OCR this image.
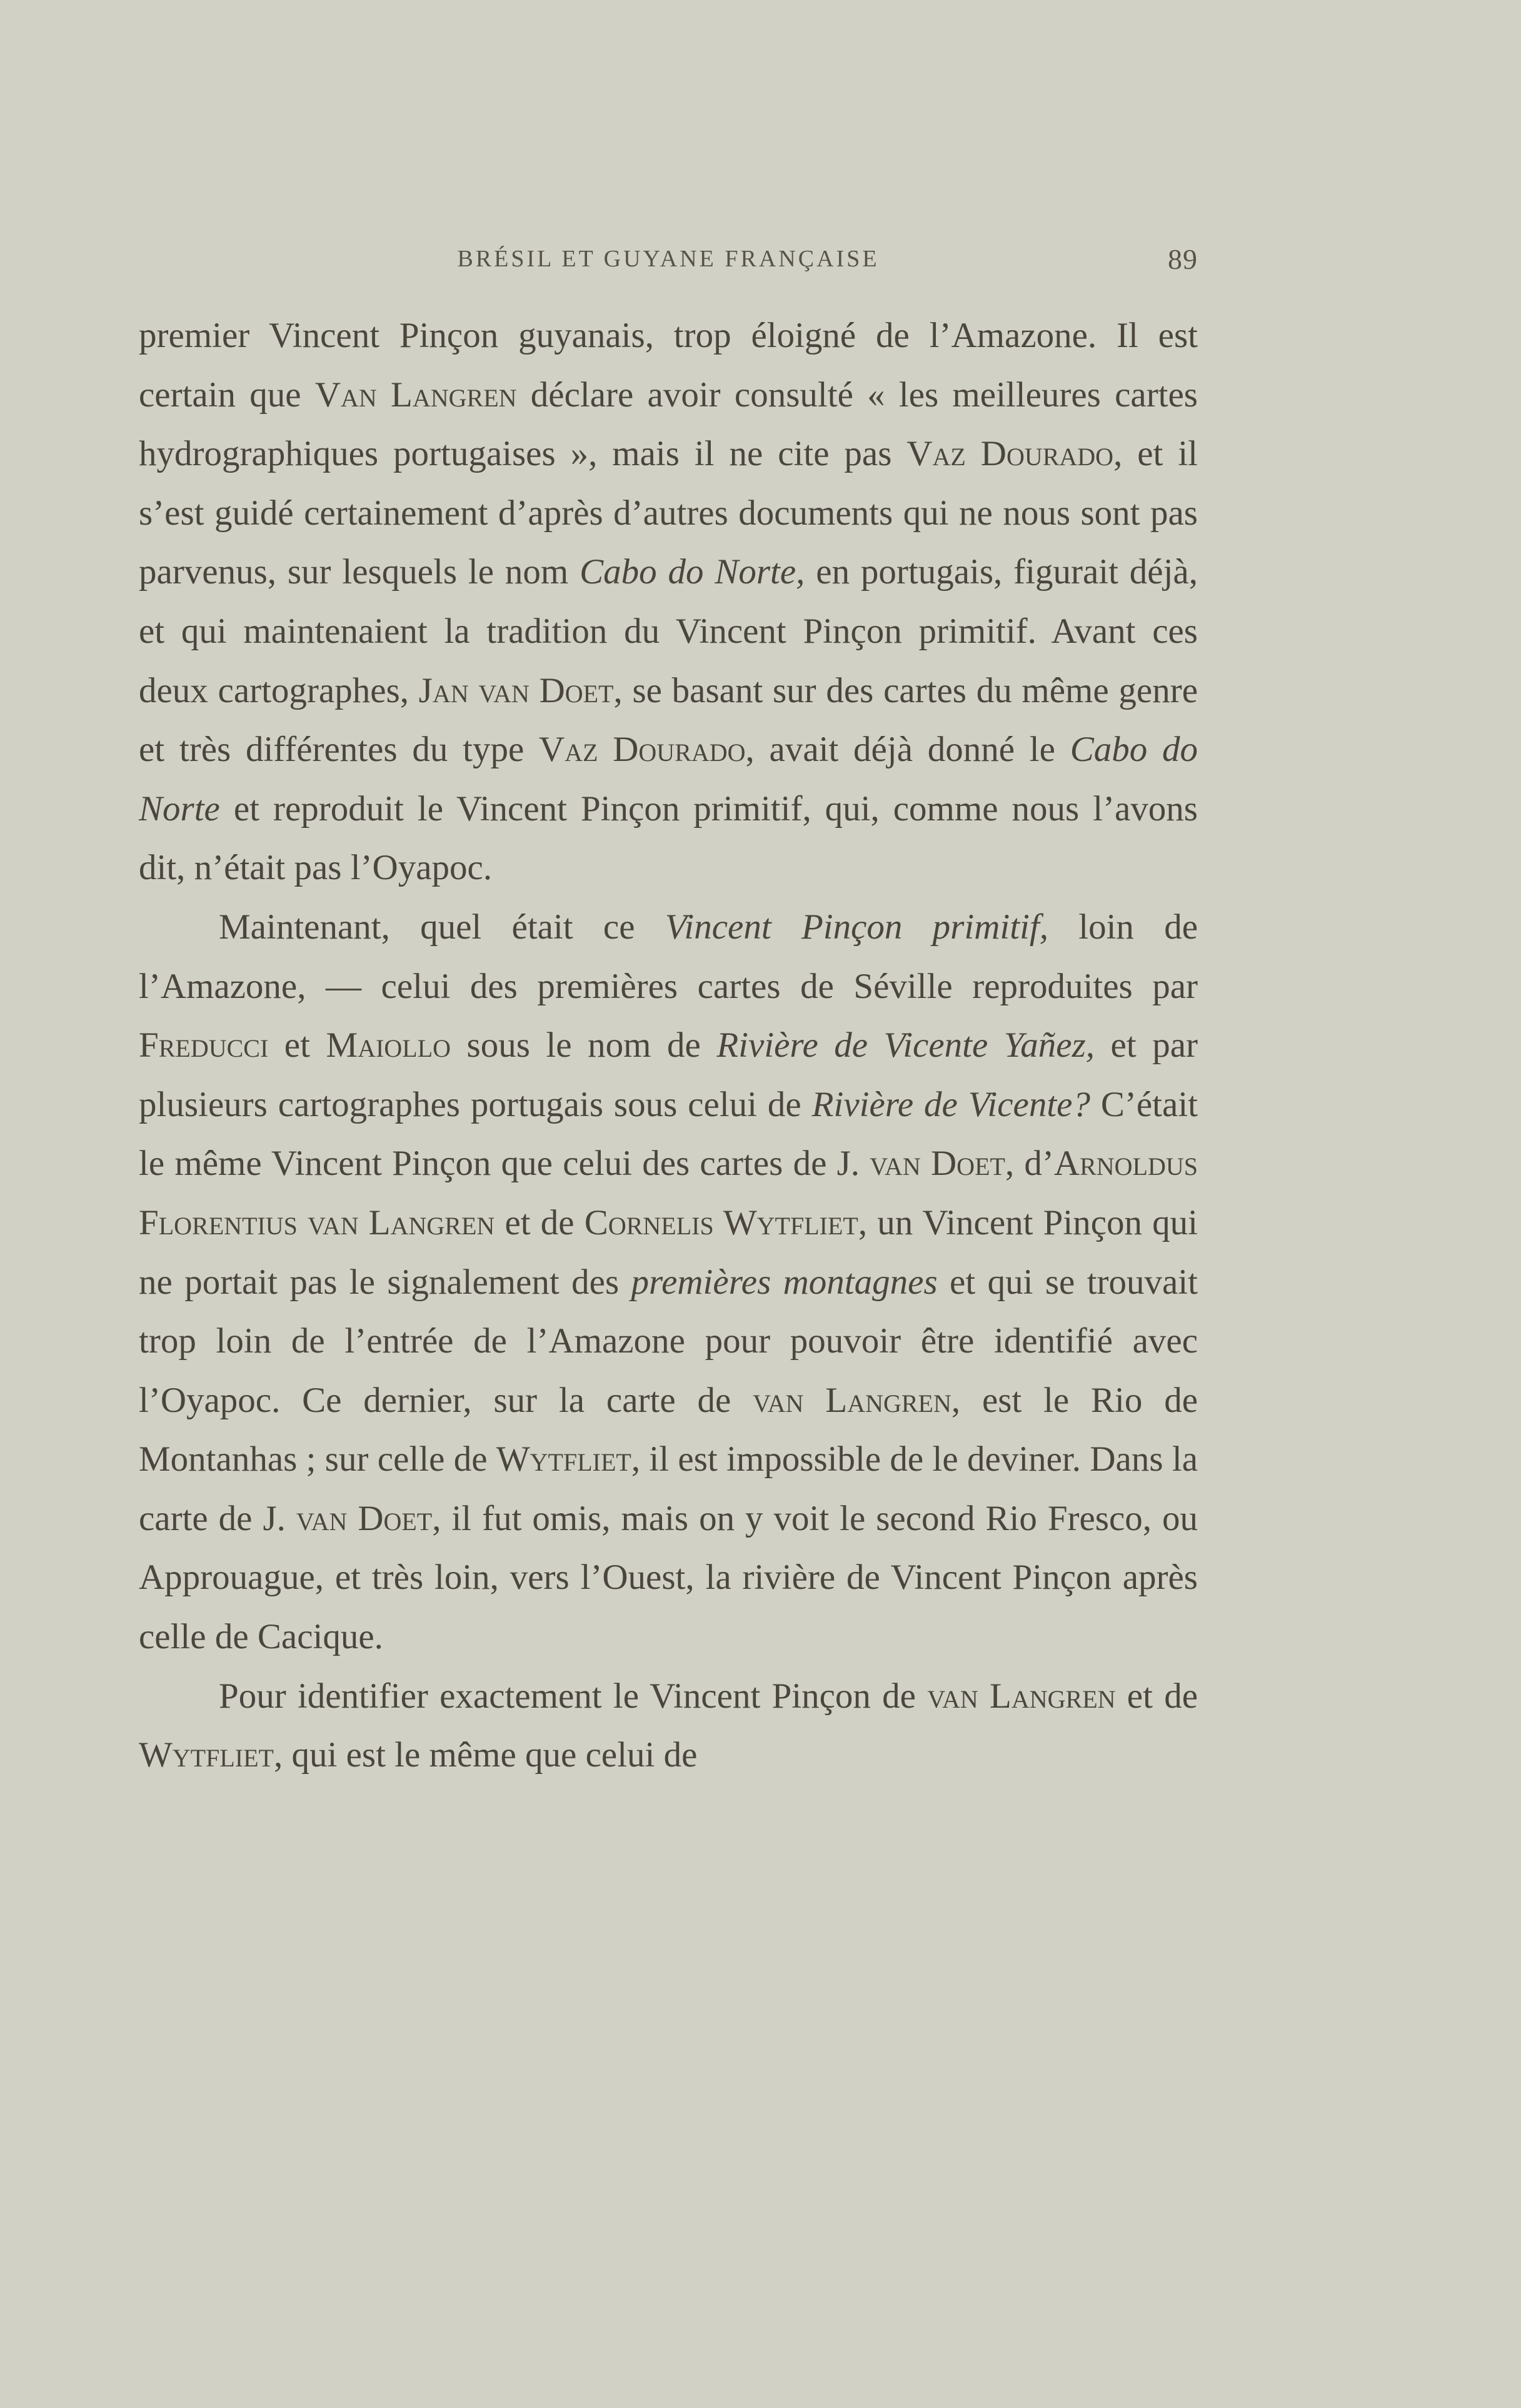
BRÉSIL ET GUYANE FRANÇAISE	89

premier Vincent Pinçon guyanais, trop éloigné de l’Amazone. Il est certain que Van Langren déclare avoir consulté « les meilleures cartes hydrographiques portugaises », mais il ne cite pas Vaz Dourado, et il s’est guidé certainement d’après d’autres documents qui ne nous sont pas parvenus, sur lesquels le nom Cabo do Norte, en portugais, figurait déjà, et qui maintenaient la tradition du Vincent Pinçon primitif. Avant ces deux cartographes, Jan van Doet, se basant sur des cartes du même genre et très différentes du type Vaz Dourado, avait déjà donné le Cabo do Norte et reproduit le Vincent Pinçon primitif, qui, comme nous l’avons dit, n’était pas l’Oyapoc.

Maintenant, quel était ce Vincent Pinçon primitif, loin de l’Amazone, — celui des premières cartes de Séville reproduites par Freducci et Maiollo sous le nom de Rivière de Vicente Yañez, et par plusieurs cartographes portugais sous celui de Rivière de Vicente? C’était le même Vincent Pinçon que celui des cartes de J. van Doet, d’Arnoldus Florentius van Langren et de Cornelis Wytfliet, un Vincent Pinçon qui ne portait pas le signalement des premières montagnes et qui se trouvait trop loin de l’entrée de l’Amazone pour pouvoir être identifié avec l’Oyapoc. Ce dernier, sur la carte de van Langren, est le Rio de Montanhas ; sur celle de Wytfliet, il est impossible de le deviner. Dans la carte de J. van Doet, il fut omis, mais on y voit le second Rio Fresco, ou Approuague, et très loin, vers l’Ouest, la rivière de Vincent Pinçon après celle de Cacique.

Pour identifier exactement le Vincent Pinçon de van Langren et de Wytfliet, qui est le même que celui de
